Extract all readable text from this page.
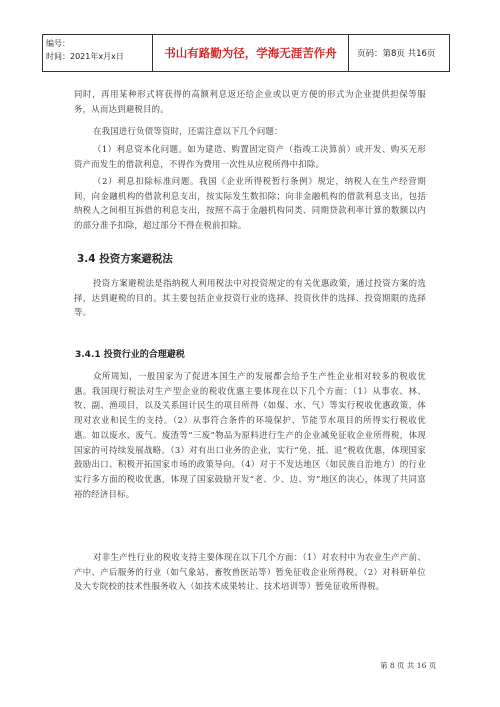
编号：
时间：2021年x月x日	书山有路勤为径，学海无涯苦作舟	页码：第8页 共16页

同时，再用某种形式将获得的高额利息返还给企业或以更方便的形式为企业提供担保等服务，从而达到避税目的。

在我国进行负债等资时，还需注意以下几个问题：

（1）利息资本化问题。如为建造、购置固定资产（指竣工决算前）或开发、购买无形资产而发生的借款利息，不得作为费用一次性从应税所得中扣除。

（2）利息扣除标准问题。我国《企业所得税暂行条例》规定，纳税人在生产经营期间，向金融机构的借款利息支出，按实际发生数扣除；向非金融机构的借款利息支出，包括纳税人之间相互拆借的利息支出，按照不高于金融机构同类、同期贷款利率计算的数额以内的部分准予扣除，超过部分不得在税前扣除。

3.4 投资方案避税法

投资方案避税法是指纳税人利用税法中对投资规定的有关优惠政策，通过投资方案的选择，达到避税的目的。其主要包括企业投资行业的选择、投资伙伴的选择、投资期限的选择等。

3.4.1 投资行业的合理避税

众所周知，一般国家为了促进本国生产的发展都会给予生产性企业相对较多的税收优惠。我国现行税法对生产型企业的税收优惠主要体现在以下几个方面：（1）从事农、林、牧、副、渔项目，以及关系国计民生的项目所得（如煤、水、气）等实行税收优惠政策，体现对农业和民生的支持。（2）从事符合条件的环境保护、节能节水项目的所得实行税收优惠。如以废水、废气、废渣等“三废”物品为原料进行生产的企业减免征收企业所得税，体现国家的可持续发展战略。（3）对有出口业务的企业，实行“免、抵、退”税收优惠，体现国家鼓励出口、积极开拓国家市场的政策导向。（4）对于不发达地区（如民族自治地方）的行业实行多方面的税收优惠，体现了国家鼓励开发“老、少、边、穷”地区的决心，体现了共同富裕的经济目标。

对非生产性行业的税收支持主要体现在以下几个方面：（1）对农村中为农业生产产前、产中、产后服务的行业（如气象站、畜牧兽医站等）暂免征收企业所得税。（2）对科研单位及大专院校的技术性服务收入（如技术成果转让、技术培训等）暂免征收所得税。

第 8 页 共 16 页
